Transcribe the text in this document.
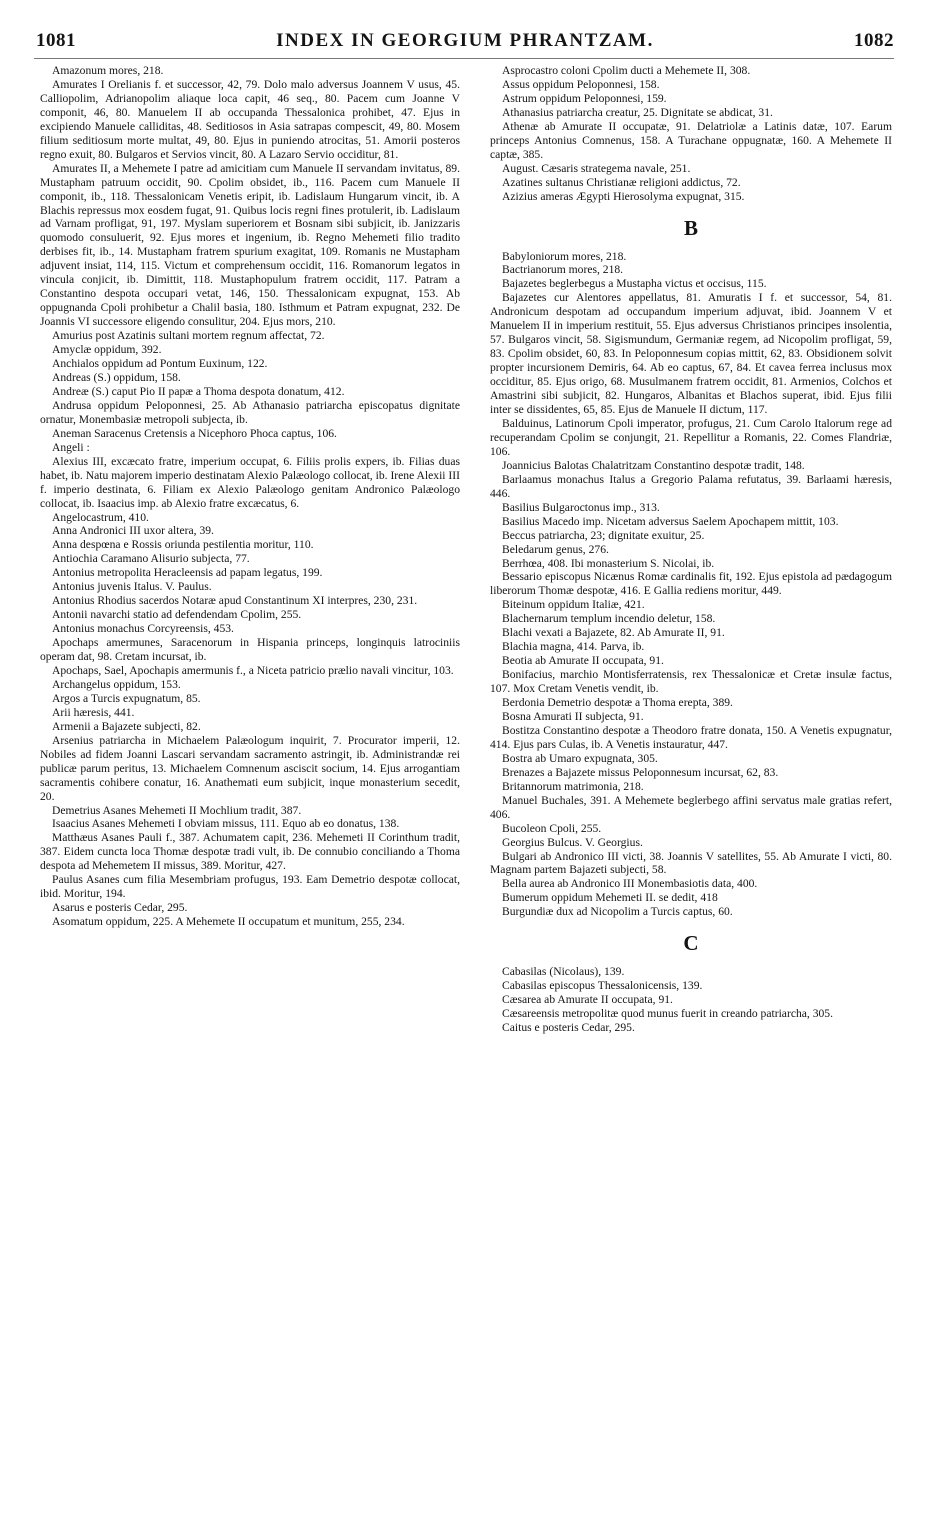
1081	INDEX IN GEORGIUM PHRANTZAM.	1082

Amazonum mores, 218.

Amurates I Orelianis f. et successor, 42, 79. Dolo malo adversus Joannem V usus, 45. Calliopolim, Adrianopolim aliaque loca capit, 46 seq., 80. Pacem cum Joanne V componit, 46, 80. Manuelem II ab occupanda Thessalonica prohibet, 47. Ejus in excipiendo Manuele calliditas, 48. Seditiosos in Asia satrapas compescit, 49, 80. Mosem filium seditiosum morte multat, 49, 80. Ejus in puniendo atrocitas, 51. Amorii posteros regno exuit, 80. Bulgaros et Servios vincit, 80. A Lazaro Servio occiditur, 81.

Amurates II, a Mehemete I patre ad amicitiam cum Manuele II servandam invitatus, 89. Mustapham patruum occidit, 90. Cpolim obsidet, ib., 116. Pacem cum Manuele II componit, ib., 118. Thessalonicam Venetis eripit, ib. Ladislaum Hungarum vincit, ib. A Blachis repressus mox eosdem fugat, 91. Quibus locis regni fines protulerit, ib. Ladislaum ad Varnam profligat, 91, 197. Myslam superiorem et Bosnam sibi subjicit, ib. Janizzaris quomodo consuluerit, 92. Ejus mores et ingenium, ib. Regno Mehemeti filio tradito derbises fit, ib., 14. Mustapham fratrem spurium exagitat, 109. Romanis ne Mustapham adjuvent insiat, 114, 115. Victum et comprehensum occidit, 116. Romanorum legatos in vincula conjicit, ib. Dimittit, 118. Mustaphopulum fratrem occidit, 117. Patram a Constantino despota occupari vetat, 146, 150. Thessalonicam expugnat, 153. Ab oppugnanda Cpoli prohibetur a Chalil basia, 180. Isthmum et Patram expugnat, 232. De Joannis VI successore eligendo consulitur, 204. Ejus mors, 210.

Amurius post Azatinis sultani mortem regnum affectat, 72.

Amyclæ oppidum, 392.

Anchialos oppidum ad Pontum Euxinum, 122.

Andreas (S.) oppidum, 158.

Andreæ (S.) caput Pio II papæ a Thoma despota donatum, 412.

Andrusa oppidum Peloponnesi, 25. Ab Athanasio patriarcha episcopatus dignitate ornatur, Monembasiæ metropoli subjecta, ib.

Aneman Saracenus Cretensis a Nicephoro Phoca captus, 106.

Angeli :

Alexius III, excæcato fratre, imperium occupat, 6. Filiis prolis expers, ib. Filias duas habet, ib. Natu majorem imperio destinatam Alexio Palæologo collocat, ib. Irene Alexii III f. imperio destinata, 6. Filiam ex Alexio Palæologo genitam Andronico Palæologo collocat, ib. Isaacius imp. ab Alexio fratre excæcatus, 6.

Angelocastrum, 410.

Anna Andronici III uxor altera, 39.

Anna despœna e Rossis oriunda pestilentia moritur, 110.

Antiochia Caramano Alisurio subjecta, 77.

Antonius metropolita Heracleensis ad papam legatus, 199.

Antonius juvenis Italus. V. Paulus.

Antonius Rhodius sacerdos Notaræ apud Constantinum XI interpres, 230, 231.

Antonii navarchi statio ad defendendam Cpolim, 255.

Antonius monachus Corcyreensis, 453.

Apochaps amermunes, Saracenorum in Hispania princeps, longinquis latrociniis operam dat, 98. Cretam incursat, ib.

Apochaps, Sael, Apochapis amermunis f., a Niceta patricio prælio navali vincitur, 103.

Archangelus oppidum, 153.

Argos a Turcis expugnatum, 85.

Arii hæresis, 441.

Armenii a Bajazete subjecti, 82.

Arsenius patriarcha in Michaelem Palæologum inquirit, 7. Procurator imperii, 12. Nobiles ad fidem Joanni Lascari servandam sacramento astringit, ib. Administrandæ rei publicæ parum peritus, 13. Michaelem Comnenum asciscit socium, 14. Ejus arrogantiam sacramentis cohibere conatur, 16. Anathemati eum subjicit, inque monasterium secedit, 20.

Demetrius Asanes Mehemeti II Mochlium tradit, 387.

Isaacius Asanes Mehemeti I obviam missus, 111. Equo ab eo donatus, 138.

Matthæus Asanes Pauli f., 387. Achumatem capit, 236. Mehemeti II Corinthum tradit, 387. Eidem cuncta loca Thomæ despotæ tradi vult, ib. De connubio conciliando a Thoma despota ad Mehemetem II missus, 389. Moritur, 427.

Paulus Asanes cum filia Mesembriam profugus, 193. Eam Demetrio despotæ collocat, ibid. Moritur, 194.

Asarus e posteris Cedar, 295.

Asomatum oppidum, 225. A Mehemete II occupatum et munitum, 255, 234.

Asprocastro coloni Cpolim ducti a Mehemete II, 308.

Assus oppidum Peloponnesi, 158.

Astrum oppidum Peloponnesi, 159.

Athanasius patriarcha creatur, 25. Dignitate se abdicat, 31.

Athenæ ab Amurate II occupatæ, 91. Delatriolæ a Latinis datæ, 107. Earum princeps Antonius Comnenus, 158. A Turachane oppugnatæ, 160. A Mehemete II captæ, 385.

August. Cæsaris strategema navale, 251.

Azatines sultanus Christianæ religioni addictus, 72.

Azizius ameras Ægypti Hierosolyma expugnat, 315.

B

Babyloniorum mores, 218.

Bactrianorum mores, 218.

Bajazetes beglerbegus a Mustapha victus et occisus, 115.

Bajazetes cur Alentores appellatus, 81. Amuratis I f. et successor, 54, 81. Andronicum despotam ad occupandum imperium adjuvat, ibid. Joannem V et Manuelem II in imperium restituit, 55. Ejus adversus Christianos principes insolentia, 57. Bulgaros vincit, 58. Sigismundum, Germaniæ regem, ad Nicopolim profligat, 59, 83. Cpolim obsidet, 60, 83. In Peloponnesum copias mittit, 62, 83. Obsidionem solvit propter incursionem Demiris, 64. Ab eo captus, 67, 84. Et cavea ferrea inclusus mox occiditur, 85. Ejus origo, 68. Musulmanem fratrem occidit, 81. Armenios, Colchos et Amastrini sibi subjicit, 82. Hungaros, Albanitas et Blachos superat, ibid. Ejus filii inter se dissidentes, 65, 85. Ejus de Manuele II dictum, 117.

Balduinus, Latinorum Cpoli imperator, profugus, 21. Cum Carolo Italorum rege ad recuperandam Cpolim se conjungit, 21. Repellitur a Romanis, 22. Comes Flandriæ, 106.

Joannicius Balotas Chalatritzam Constantino despotæ tradit, 148.

Barlaamus monachus Italus a Gregorio Palama refutatus, 39. Barlaami hæresis, 446.

Basilius Bulgaroctonus imp., 313.

Basilius Macedo imp. Nicetam adversus Saelem Apochapem mittit, 103.

Beccus patriarcha, 23; dignitate exuitur, 25.

Beledarum genus, 276.

Berrhœa, 408. Ibi monasterium S. Nicolai, ib.

Bessario episcopus Nicænus Romæ cardinalis fit, 192. Ejus epistola ad pædagogum liberorum Thomæ despotæ, 416. E Gallia rediens moritur, 449.

Biteinum oppidum Italiæ, 421.

Blachernarum templum incendio deletur, 158.

Blachi vexati a Bajazete, 82. Ab Amurate II, 91.

Blachia magna, 414. Parva, ib.

Beotia ab Amurate II occupata, 91.

Bonifacius, marchio Montisferratensis, rex Thessalonicæ et Cretæ insulæ factus, 107. Mox Cretam Venetis vendit, ib.

Berdonia Demetrio despotæ a Thoma erepta, 389.

Bosna Amurati II subjecta, 91.

Bostitza Constantino despotæ a Theodoro fratre donata, 150. A Venetis expugnatur, 414. Ejus pars Culas, ib. A Venetis instauratur, 447.

Bostra ab Umaro expugnata, 305.

Brenazes a Bajazete missus Peloponnesum incursat, 62, 83.

Britannorum matrimonia, 218.

Manuel Buchales, 391. A Mehemete beglerbego affini servatus male gratias refert, 406.

Bucoleon Cpoli, 255.

Georgius Bulcus. V. Georgius.

Bulgari ab Andronico III victi, 38. Joannis V satellites, 55. Ab Amurate I victi, 80. Magnam partem Bajazeti subjecti, 58.

Bella aurea ab Andronico III Monembasiotis data, 400.

Bumerum oppidum Mehemeti II. se dedit, 418

Burgundiæ dux ad Nicopolim a Turcis captus, 60.

C

Cabasilas (Nicolaus), 139.

Cabasilas episcopus Thessalonicensis, 139.

Cæsarea ab Amurate II occupata, 91.

Cæsareensis metropolitæ quod munus fuerit in creando patriarcha, 305.

Caitus e posteris Cedar, 295.
